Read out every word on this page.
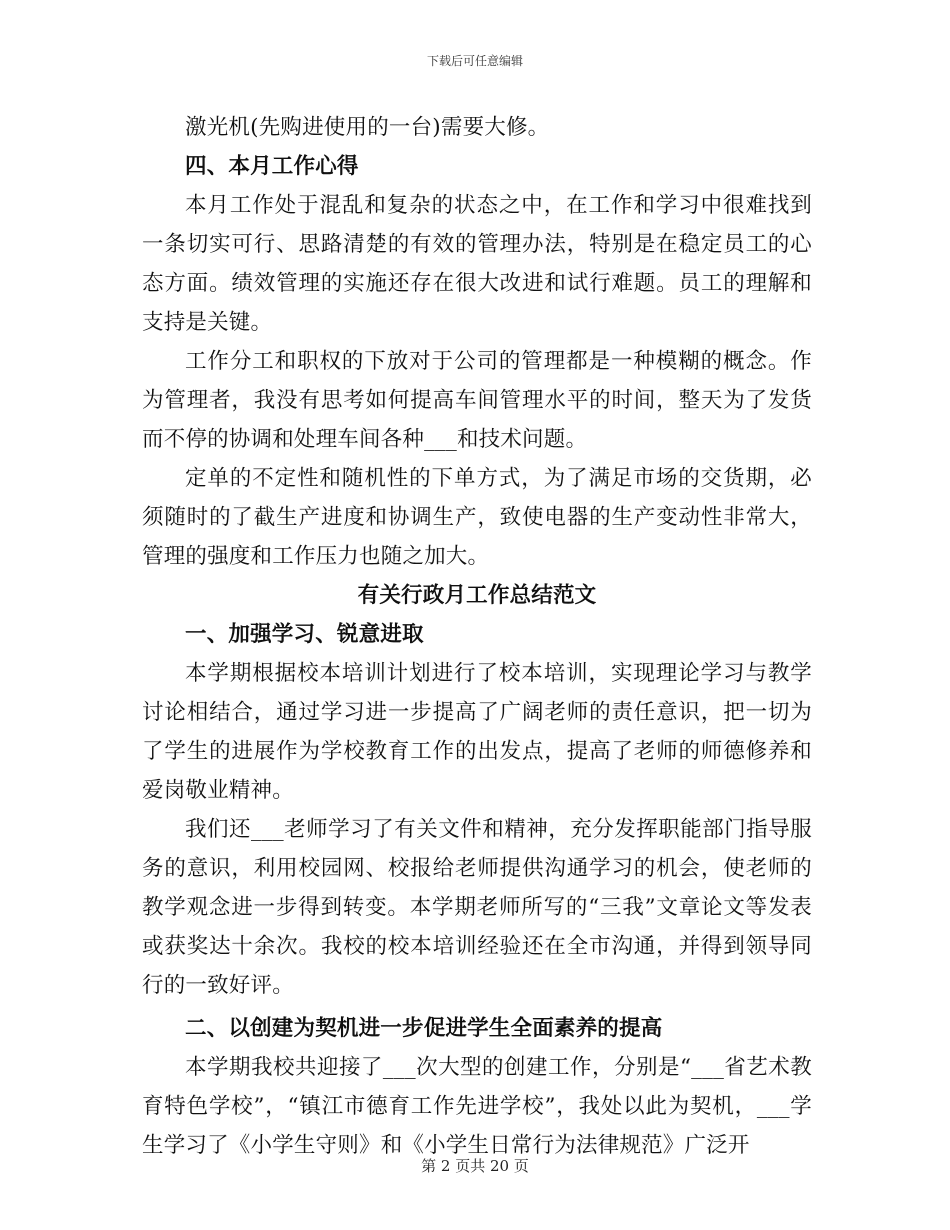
下载后可任意编辑

激光机(先购进使用的一台)需要大修。

四、本月工作心得

本月工作处于混乱和复杂的状态之中，在工作和学习中很难找到一条切实可行、思路清楚的有效的管理办法，特别是在稳定员工的心态方面。绩效管理的实施还存在很大改进和试行难题。员工的理解和支持是关键。

工作分工和职权的下放对于公司的管理都是一种模糊的概念。作为管理者，我没有思考如何提高车间管理水平的时间，整天为了发货而不停的协调和处理车间各种___和技术问题。

定单的不定性和随机性的下单方式，为了满足市场的交货期，必须随时的了截生产进度和协调生产，致使电器的生产变动性非常大，管理的强度和工作压力也随之加大。

有关行政月工作总结范文

一、加强学习、锐意进取

本学期根据校本培训计划进行了校本培训，实现理论学习与教学讨论相结合，通过学习进一步提高了广阔老师的责任意识，把一切为了学生的进展作为学校教育工作的出发点，提高了老师的师德修养和爱岗敬业精神。

我们还___老师学习了有关文件和精神，充分发挥职能部门指导服务的意识，利用校园网、校报给老师提供沟通学习的机会，使老师的教学观念进一步得到转变。本学期老师所写的“三我”文章论文等发表或获奖达十余次。我校的校本培训经验还在全市沟通，并得到领导同行的一致好评。

二、以创建为契机进一步促进学生全面素养的提高

本学期我校共迎接了___次大型的创建工作，分别是“___省艺术教育特色学校”，“镇江市德育工作先进学校”，我处以此为契机，___学生学习了《小学生守则》和《小学生日常行为法律规范》广泛开

第 2 页共 20 页
